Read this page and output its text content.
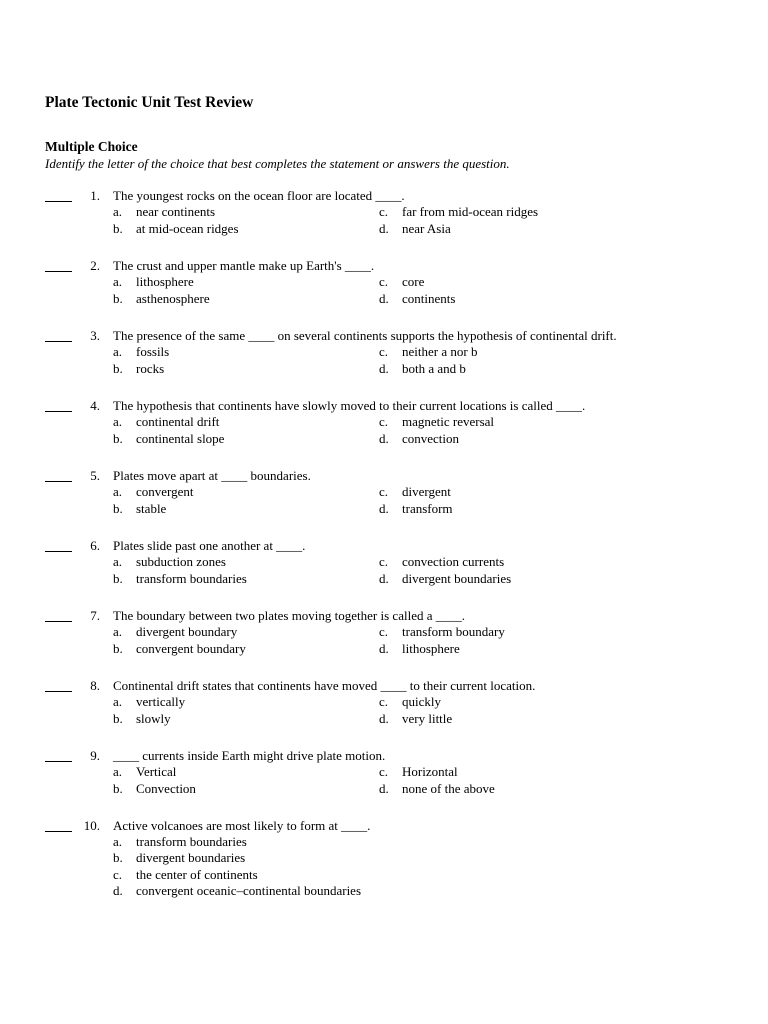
Plate Tectonic Unit Test Review
Multiple Choice
Identify the letter of the choice that best completes the statement or answers the question.
1. The youngest rocks on the ocean floor are located ____.
a. near continents
b. at mid-ocean ridges
c. far from mid-ocean ridges
d. near Asia
2. The crust and upper mantle make up Earth's ____.
a. lithosphere
b. asthenosphere
c. core
d. continents
3. The presence of the same ____ on several continents supports the hypothesis of continental drift.
a. fossils
b. rocks
c. neither a nor b
d. both a and b
4. The hypothesis that continents have slowly moved to their current locations is called ____.
a. continental drift
b. continental slope
c. magnetic reversal
d. convection
5. Plates move apart at ____ boundaries.
a. convergent
b. stable
c. divergent
d. transform
6. Plates slide past one another at ____.
a. subduction zones
b. transform boundaries
c. convection currents
d. divergent boundaries
7. The boundary between two plates moving together is called a ____.
a. divergent boundary
b. convergent boundary
c. transform boundary
d. lithosphere
8. Continental drift states that continents have moved ____ to their current location.
a. vertically
b. slowly
c. quickly
d. very little
9. ____ currents inside Earth might drive plate motion.
a. Vertical
b. Convection
c. Horizontal
d. none of the above
10. Active volcanoes are most likely to form at ____.
a. transform boundaries
b. divergent boundaries
c. the center of continents
d. convergent oceanic–continental boundaries
